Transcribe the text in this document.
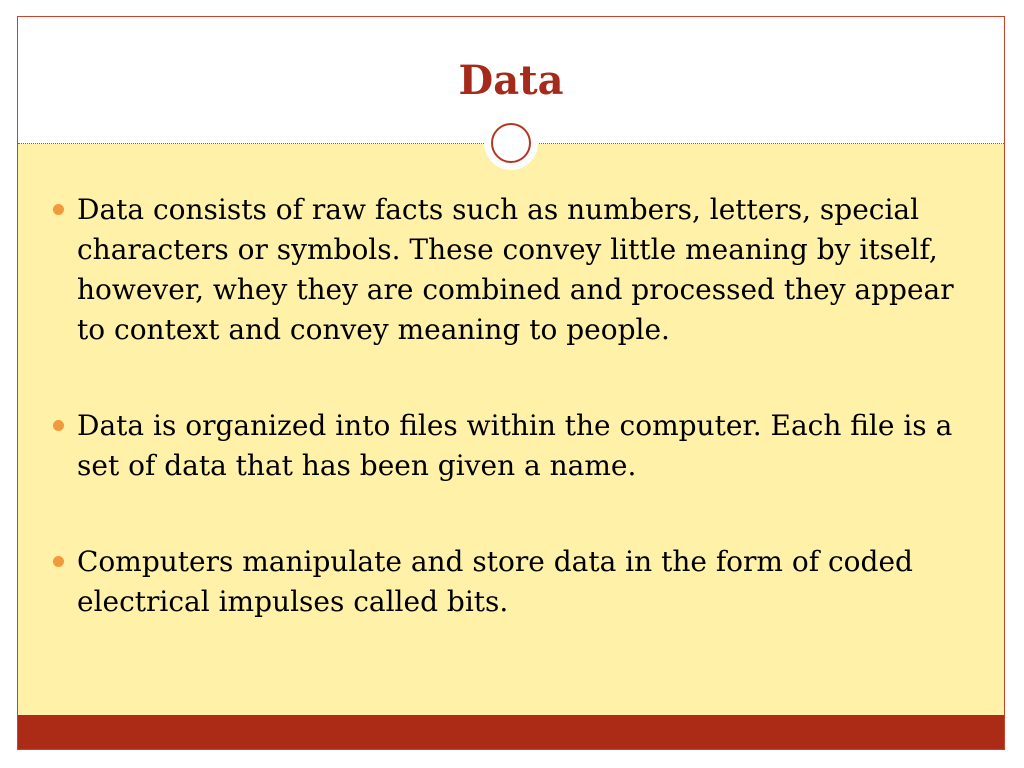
Data
Data consists of raw facts such as numbers, letters, special characters or symbols. These convey little meaning by itself, however, whey they are combined and processed they appear to context and convey meaning to people.
Data is organized into files within the computer. Each file is a set of data that has been given a name.
Computers manipulate and store data in the form of coded electrical impulses called bits.
